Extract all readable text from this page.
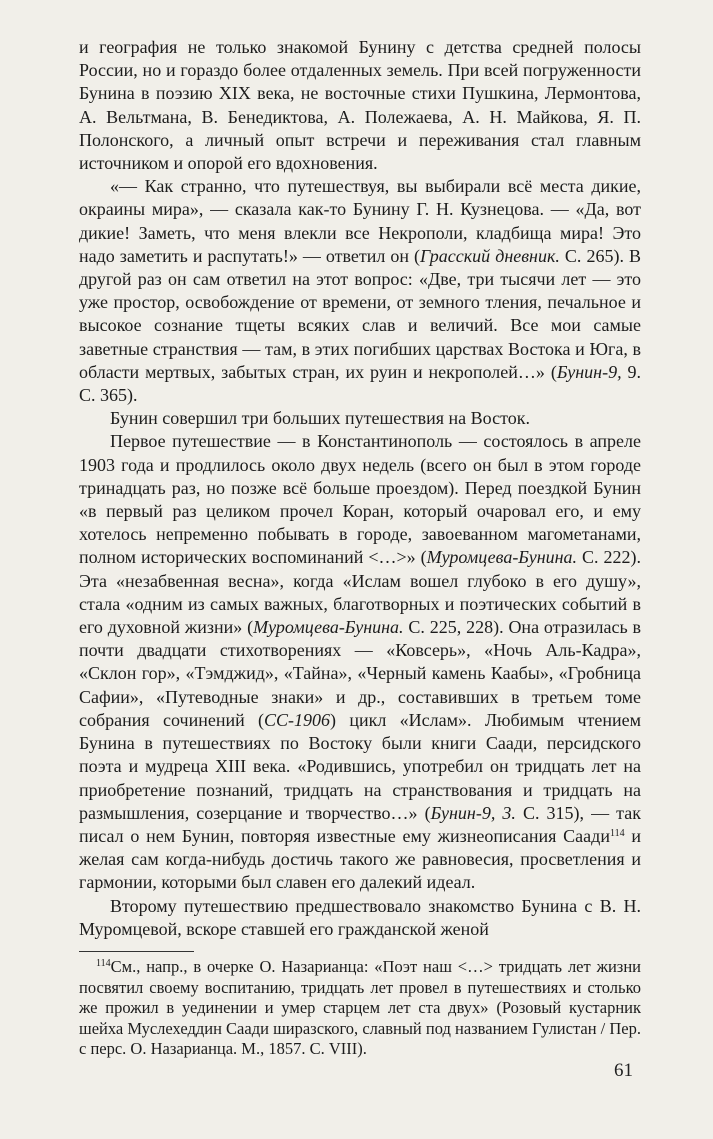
и география не только знакомой Бунину с детства средней полосы России, но и гораздо более отдаленных земель. При всей погруженности Бунина в поэзию XIX века, не восточные стихи Пушкина, Лермонтова, А. Вельтмана, В. Бенедиктова, А. Полежаева, А. Н. Майкова, Я. П. Полонского, а личный опыт встречи и переживания стал главным источником и опорой его вдохновения.

«— Как странно, что путешествуя, вы выбирали всё места дикие, окраины мира», — сказала как-то Бунину Г. Н. Кузнецова. — «Да, вот дикие! Заметь, что меня влекли все Некрополи, кладбища мира! Это надо заметить и распутать!» — ответил он (Грасский дневник. С. 265). В другой раз он сам ответил на этот вопрос: «Две, три тысячи лет — это уже простор, освобождение от времени, от земного тления, печальное и высокое сознание тщеты всяких слав и величий. Все мои самые заветные странствия — там, в этих погибших царствах Востока и Юга, в области мертвых, забытых стран, их руин и некрополей…» (Бунин-9, 9. С. 365).

Бунин совершил три больших путешествия на Восток.

Первое путешествие — в Константинополь — состоялось в апреле 1903 года и продлилось около двух недель (всего он был в этом городе тринадцать раз, но позже всё больше проездом). Перед поездкой Бунин «в первый раз целиком прочел Коран, который очаровал его, и ему хотелось непременно побывать в городе, завоеванном магометанами, полном исторических воспоминаний <…>» (Муромцева-Бунина. С. 222). Эта «незабвенная весна», когда «Ислам вошел глубоко в его душу», стала «одним из самых важных, благотворных и поэтических событий в его духовной жизни» (Муромцева-Бунина. С. 225, 228). Она отразилась в почти двадцати стихотворениях — «Ковсерь», «Ночь Аль-Кадра», «Склон гор», «Тэмджид», «Тайна», «Черный камень Каабы», «Гробница Сафии», «Путеводные знаки» и др., составивших в третьем томе собрания сочинений (СС-1906) цикл «Ислам». Любимым чтением Бунина в путешествиях по Востоку были книги Саади, персидского поэта и мудреца XIII века. «Родившись, употребил он тридцать лет на приобретение познаний, тридцать на странствования и тридцать на размышления, созерцание и творчество…» (Бунин-9, 3. С. 315), — так писал о нем Бунин, повторяя известные ему жизнеописания Саади$^{114}$ и желая сам когда-нибудь достичь такого же равновесия, просветления и гармонии, которыми был славен его далекий идеал.

Второму путешествию предшествовало знакомство Бунина с В. Н. Муромцевой, вскоре ставшей его гражданской женой

$^{114}$См., напр., в очерке О. Назарианца: «Поэт наш <…> тридцать лет жизни посвятил своему воспитанию, тридцать лет провел в путешествиях и столько же прожил в уединении и умер старцем лет ста двух» (Розовый кустарник шейха Муслехеддин Саади ширазского, славный под названием Гулистан / Пер. с перс. О. Назарианца. М., 1857. С. VIII).

61
